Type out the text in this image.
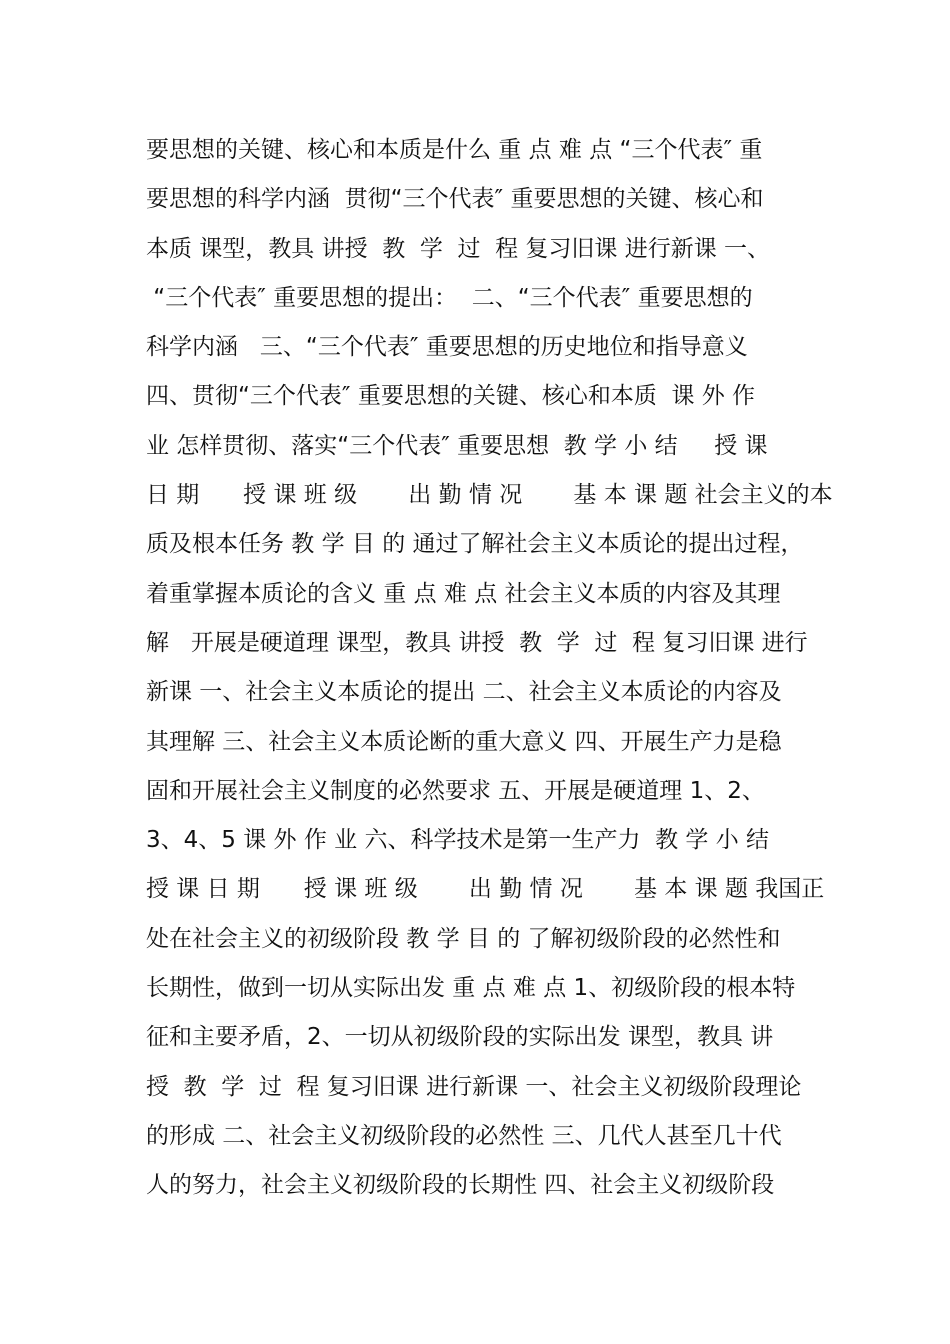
要思想的关键、核心和本质是什么 重 点 难 点 “三个代表″ 重
要思想的科学内涵  贯彻“三个代表″ 重要思想的关键、核心和
本质 课型，教具 讲授  教  学  过  程 复习旧课 进行新课 一、
“三个代表″ 重要思想的提出：  二、“三个代表″ 重要思想的
科学内涵   三、“三个代表″ 重要思想的历史地位和指导意义
四、贯彻“三个代表″ 重要思想的关键、核心和本质  课 外 作
业 怎样贯彻、落实“三个代表″ 重要思想  教 学 小 结     授 课
日 期      授 课 班 级       出 勤 情 况       基 本 课 题 社会主义的本
质及根本任务 教 学 目 的 通过了解社会主义本质论的提出过程，
着重掌握本质论的含义 重 点 难 点 社会主义本质的内容及其理
解   开展是硬道理 课型，教具 讲授  教  学  过  程 复习旧课 进行
新课 一、社会主义本质论的提出 二、社会主义本质论的内容及
其理解 三、社会主义本质论断的重大意义 四、开展生产力是稳
固和开展社会主义制度的必然要求 五、开展是硬道理 1、2、
3、4、5 课 外 作 业 六、科学技术是第一生产力  教 学 小 结
授 课 日 期      授 课 班 级       出 勤 情 况       基 本 课 题 我国正
处在社会主义的初级阶段 教 学 目 的 了解初级阶段的必然性和
长期性，做到一切从实际出发 重 点 难 点 1、初级阶段的根本特
征和主要矛盾，2、一切从初级阶段的实际出发 课型，教具 讲
授  教  学  过  程 复习旧课 进行新课 一、社会主义初级阶段理论
的形成 二、社会主义初级阶段的必然性 三、几代人甚至几十代
人的努力，社会主义初级阶段的长期性 四、社会主义初级阶段
